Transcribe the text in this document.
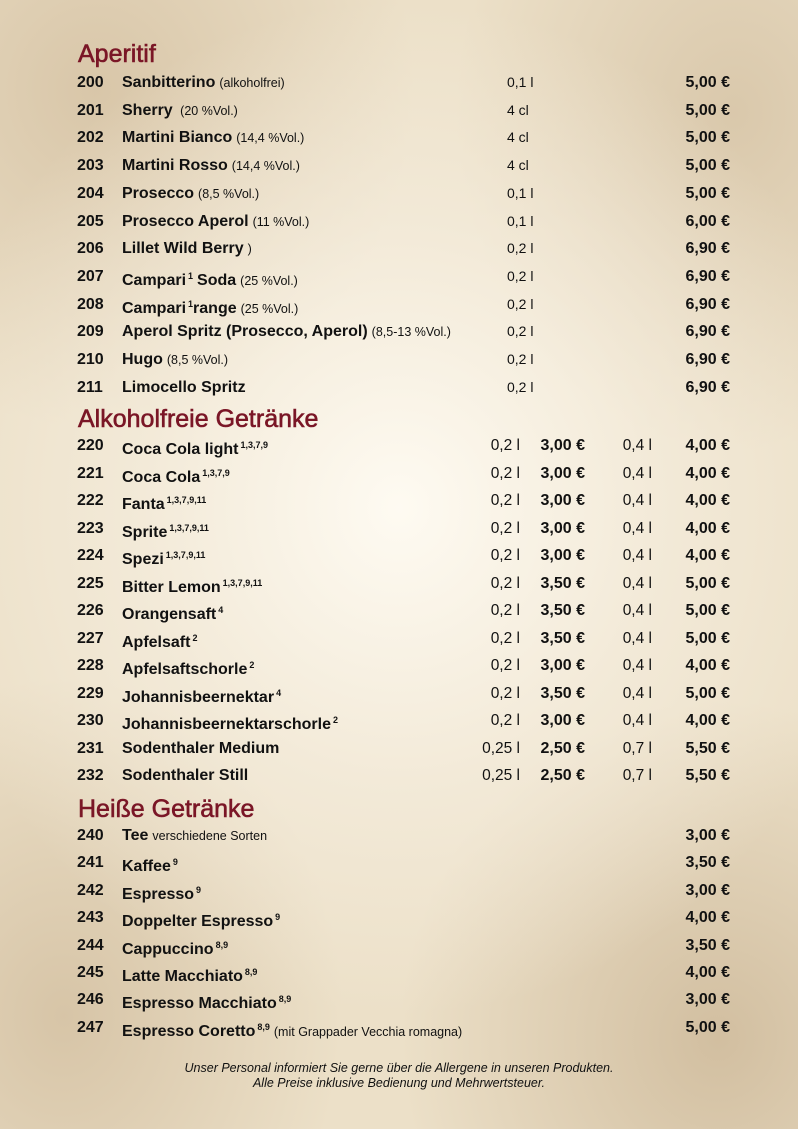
Aperitif
200	Sanbitterino (alkoholfrei)	0,1 l	5,00 €
201	Sherry (20 %Vol.)	4 cl	5,00 €
202	Martini Bianco (14,4 %Vol.)	4 cl	5,00 €
203	Martini Rosso (14,4 %Vol.)	4 cl	5,00 €
204	Prosecco (8,5 %Vol.)	0,1 l	5,00 €
205	Prosecco Aperol (11 %Vol.)	0,1 l	6,00 €
206	Lillet Wild Berry )	0,2 l	6,90 €
207	Campari $^1$ Soda (25 %Vol.)	0,2 l	6,90 €
208	Campari $^1$range (25 %Vol.)	0,2 l	6,90 €
209	Aperol Spritz (Prosecco, Aperol) (8,5-13 %Vol.)	0,2 l	6,90 €
210	Hugo (8,5 %Vol.)	0,2 l	6,90 €
211	Limocello Spritz	0,2 l	6,90 €
Alkoholfreie Getränke
220	Coca Cola light $^{1,3,7,9}$	0,2 l 3,00 € 0,4 l 4,00 €
221	Coca Cola $^{1,3,7,9}$	0,2 l 3,00 € 0,4 l 4,00 €
222	Fanta $^{1,3,7,9,11}$	0,2 l 3,00 € 0,4 l 4,00 €
223	Sprite $^{1,3,7,9,11}$	0,2 l 3,00 € 0,4 l 4,00 €
224	Spezi $^{1,3,7,9,11}$	0,2 l 3,00 € 0,4 l 4,00 €
225	Bitter Lemon $^{1,3,7,9,11}$	0,2 l 3,50 € 0,4 l 5,00 €
226	Orangensaft $^4$	0,2 l 3,50 € 0,4 l 5,00 €
227	Apfelsaft $^2$	0,2 l 3,50 € 0,4 l 5,00 €
228	Apfelsaftschorle $^2$	0,2 l 3,00 € 0,4 l 4,00 €
229	Johannisbeernektar $^4$	0,2 l 3,50 € 0,4 l 5,00 €
230	Johannisbeernektarschorle $^2$	0,2 l 3,00 € 0,4 l 4,00 €
231	Sodenthaler Medium	0,25 l 2,50 € 0,7 l 5,50 €
232	Sodenthaler Still	0,25 l 2,50 € 0,7 l 5,50 €
Heiße Getränke
240	Tee verschiedene Sorten	3,00 €
241	Kaffee $^9$	3,50 €
242	Espresso $^9$	3,00 €
243	Doppelter Espresso $^9$	4,00 €
244	Cappuccino $^{8,9}$	3,50 €
245	Latte Macchiato $^{8,9}$	4,00 €
246	Espresso Macchiato $^{8,9}$	3,00 €
247	Espresso Coretto $^{8,9}$ (mit Grappader Vecchia romagna)	5,00 €
Unser Personal informiert Sie gerne über die Allergene in unseren Produkten.
Alle Preise inklusive Bedienung und Mehrwertsteuer.
